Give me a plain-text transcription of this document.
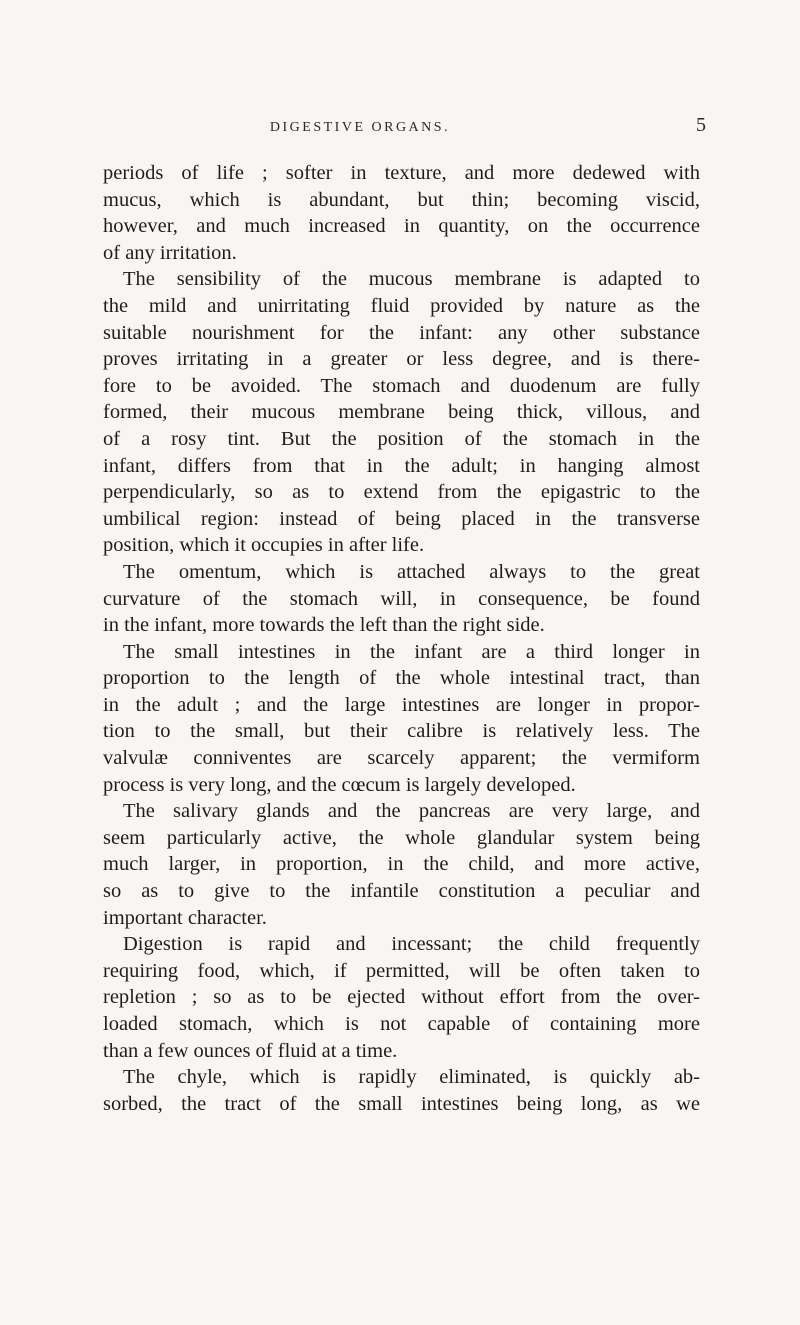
DIGESTIVE ORGANS.	5
periods of life ; softer in texture, and more dedewed with
mucus, which is abundant, but thin; becoming viscid,
however, and much increased in quantity, on the occurrence
of any irritation.
The sensibility of the mucous membrane is adapted to
the mild and unirritating fluid provided by nature as the
suitable nourishment for the infant: any other substance
proves irritating in a greater or less degree, and is there-
fore to be avoided. The stomach and duodenum are fully
formed, their mucous membrane being thick, villous, and
of a rosy tint. But the position of the stomach in the
infant, differs from that in the adult; in hanging almost
perpendicularly, so as to extend from the epigastric to the
umbilical region: instead of being placed in the transverse
position, which it occupies in after life.
The omentum, which is attached always to the great
curvature of the stomach will, in consequence, be found
in the infant, more towards the left than the right side.
The small intestines in the infant are a third longer in
proportion to the length of the whole intestinal tract, than
in the adult ; and the large intestines are longer in propor-
tion to the small, but their calibre is relatively less. The
valvulæ conniventes are scarcely apparent; the vermiform
process is very long, and the cœcum is largely developed.
The salivary glands and the pancreas are very large, and
seem particularly active, the whole glandular system being
much larger, in proportion, in the child, and more active,
so as to give to the infantile constitution a peculiar and
important character.
Digestion is rapid and incessant; the child frequently
requiring food, which, if permitted, will be often taken to
repletion ; so as to be ejected without effort from the over-
loaded stomach, which is not capable of containing more
than a few ounces of fluid at a time.
The chyle, which is rapidly eliminated, is quickly ab-
sorbed, the tract of the small intestines being long, as we
